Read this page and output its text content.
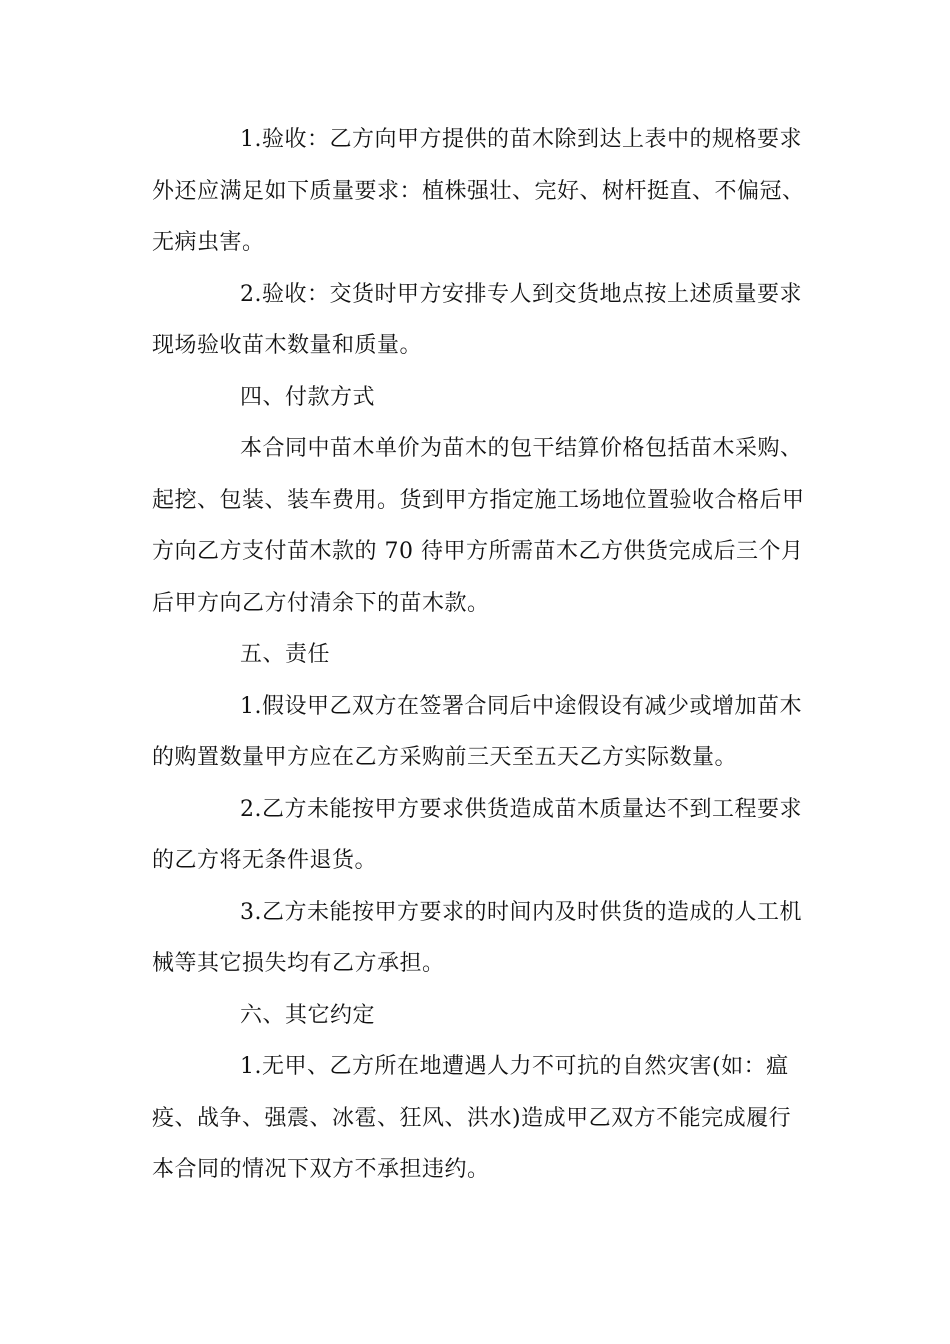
1.验收：乙方向甲方提供的苗木除到达上表中的规格要求
外还应满足如下质量要求：植株强壮、完好、树杆挺直、不偏冠、
无病虫害。

2.验收：交货时甲方安排专人到交货地点按上述质量要求
现场验收苗木数量和质量。

四、付款方式

本合同中苗木单价为苗木的包干结算价格包括苗木采购、
起挖、包装、装车费用。货到甲方指定施工场地位置验收合格后甲
方向乙方支付苗木款的 70 待甲方所需苗木乙方供货完成后三个月
后甲方向乙方付清余下的苗木款。

五、责任

1.假设甲乙双方在签署合同后中途假设有减少或增加苗木
的购置数量甲方应在乙方采购前三天至五天乙方实际数量。

2.乙方未能按甲方要求供货造成苗木质量达不到工程要求
的乙方将无条件退货。

3.乙方未能按甲方要求的时间内及时供货的造成的人工机
械等其它损失均有乙方承担。

六、其它约定

1.无甲、乙方所在地遭遇人力不可抗的自然灾害(如：瘟
疫、战争、强震、冰雹、狂风、洪水)造成甲乙双方不能完成履行
本合同的情况下双方不承担违约。
